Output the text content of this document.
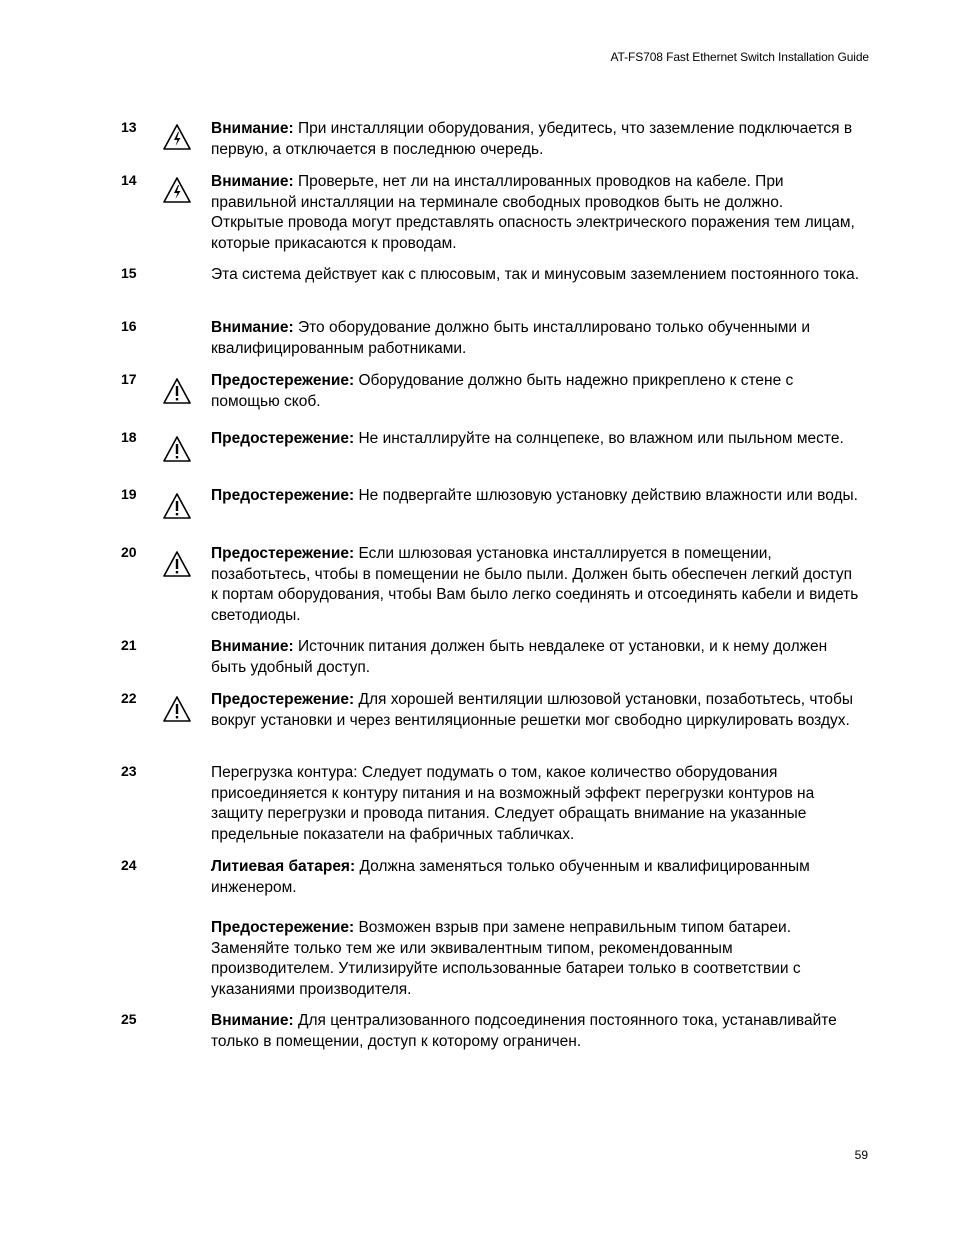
AT-FS708 Fast Ethernet Switch Installation Guide
13	Внимание: При инсталляции оборудования, убедитесь, что заземление подключается в первую, а отключается в последнюю очередь.
14	Внимание: Проверьте, нет ли на инсталлированных проводков на кабеле. При правильной инсталляции на терминале свободных проводков быть не должно. Открытые провода могут представлять опасность электрического поражения тем лицам, которые прикасаются к проводам.
15	Эта система действует как с плюсовым, так и минусовым заземлением постоянного тока.
16	Внимание: Это оборудование должно быть инсталлировано только обученными и квалифицированным работниками.
17	Предостережение: Оборудование должно быть надежно прикреплено к стене с помощью скоб.
18	Предостережение: Не инсталлируйте на солнцепеке, во влажном или пыльном месте.
19	Предостережение: Не подвергайте шлюзовую установку действию влажности или воды.
20	Предостережение: Если шлюзовая установка инсталлируется в помещении, позаботьтесь, чтобы в помещении не было пыли. Должен быть обеспечен легкий доступ к портам оборудования, чтобы Вам было легко соединять и отсоединять кабели и видеть светодиоды.
21	Внимание: Источник питания должен быть невдалеке от установки, и к нему должен быть удобный доступ.
22	Предостережение: Для хорошей вентиляции шлюзовой установки, позаботьтесь, чтобы вокруг установки и через вентиляционные решетки мог свободно циркулировать воздух.
23	Перегрузка контура: Следует подумать о том, какое количество оборудования присоединяется к контуру питания и на возможный эффект перегрузки контуров на защиту перегрузки и провода питания. Следует обращать внимание на указанные предельные показатели на фабричных табличках.
24	Литиевая батарея: Должна заменяться только обученным и квалифицированным инженером.
Предостережение: Возможен взрыв при замене неправильным типом батареи. Заменяйте только тем же или эквивалентным типом, рекомендованным производителем. Утилизируйте использованные батареи только в соответствии с указаниями производителя.
25	Внимание: Для централизованного подсоединения постоянного тока, устанавливайте только в помещении, доступ к которому ограничен.
59
